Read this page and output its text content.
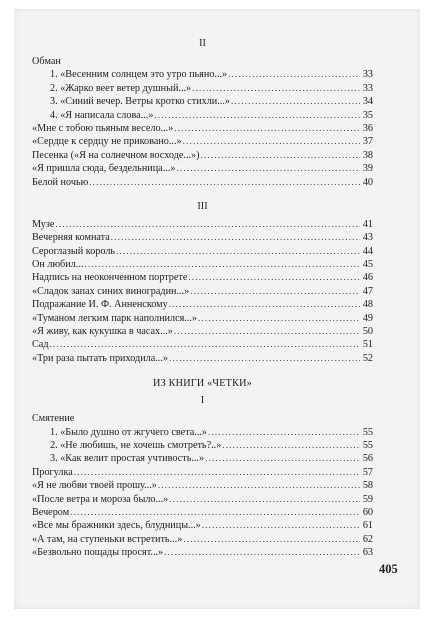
II
Обман
1. «Весенним солнцем это утро пьяно...» .....	33
2. «Жарко веет ветер душный...» .....	33
3. «Синий вечер. Ветры кротко стихли...» .....	34
4. «Я написала слова...» .....	35
«Мне с тобою пьяным весело...» .....	36
«Сердце к сердцу не приковано...» .....	37
Песенка («Я на солнечном восходе...») .....	38
«Я пришла сюда, бездельница...» .....	39
Белой ночью .....	40
III
Музе .....	41
Вечерняя комната .....	43
Сероглазый король .....	44
Он любил... .....	45
Надпись на неоконченном портрете .....	46
«Сладок запах синих виноградин...» .....	47
Подражание И. Ф. Анненскому .....	48
«Туманом легким парк наполнился...» .....	49
«Я живу, как кукушка в часах...» .....	50
Сад .....	51
«Три раза пытать приходила...» .....	52
ИЗ КНИГИ «ЧЕТКИ»
I
Смятение
1. «Было душно от жгучего света...» .....	55
2. «Не любишь, не хочешь смотреть?..» .....	55
3. «Как велит простая учтивость...» .....	56
Прогулка .....	57
«Я не любви твоей прошу...» .....	58
«После ветра и мороза было...» .....	59
Вечером .....	60
«Все мы бражники здесь, блудницы...» .....	61
«А там, на ступеньки встретить...» .....	62
«Безвольно пощады просят...» .....	63
405
